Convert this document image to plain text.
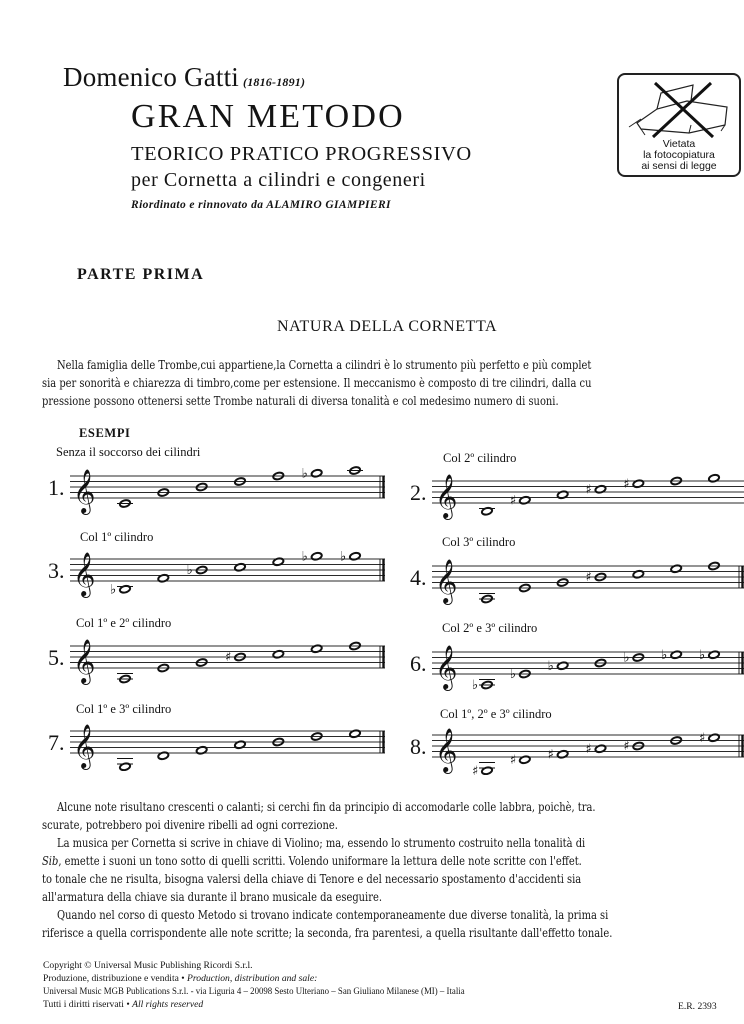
Domenico Gatti (1816-1891)
GRAN METODO
TEORICO PRATICO PROGRESSIVO
per Cornetta a cilindri e congeneri
Riordinato e rinnovato da ALAMIRO GIAMPIERI
Vietata
la fotocopiatura
ai sensi di legge
PARTE PRIMA
NATURA DELLA CORNETTA
Nella famiglia delle Trombe,cui appartiene,la Cornetta a cilindri è lo strumento più perfetto e più complet
sia per sonorità e chiarezza di timbro,come per estensione. Il meccanismo è composto di tre cilindri, dalla cu
pressione possono ottenersi sette Trombe naturali di diversa tonalità e col medesimo numero di suoni.
ESEMPI
1.
Senza il soccorso dei cilindri
𝄞	♭
2.
Col 2º cilindro
𝄞	♯
♯ ♯
3.
Col 1º cilindro
𝄞 ♭
♭
♭ ♭
4.
Col 3º cilindro
𝄞	♯
5.
Col 1º e 2º cilindro
𝄞	♯	6.
Col 2º e 3º cilindro
𝄞 ♭
♭
♭
♭ ♭ ♭
7.
Col 1º e 3º cilindro
𝄞	8.
Col 1º, 2º e 3º cilindro
𝄞 ♯
♯ ♯ ♯ ♯
♯
Alcune note risultano crescenti o calanti; si cerchi fin da principio di accomodarle colle labbra, poichè, tra.
scurate, potrebbero poi divenire ribelli ad ogni correzione.
La musica per Cornetta si scrive in chiave di Violino; ma, essendo lo strumento costruito nella tonalità di
Sib, emette i suoni un tono sotto di quelli scritti. Volendo uniformare la lettura delle note scritte con l'effet.
to tonale che ne risulta, bisogna valersi della chiave di Tenore e del necessario spostamento d'accidenti sia
all'armatura della chiave sia durante il brano musicale da eseguire.
Quando nel corso di questo Metodo si trovano indicate contemporaneamente due diverse tonalità, la prima si
riferisce a quella corrispondente alle note scritte; la seconda, fra parentesi, a quella risultante dall'effetto tonale.
Copyright © Universal Music Publishing Ricordi S.r.l.
Produzione, distribuzione e vendita • Production, distribution and sale:
Universal Music MGB Publications S.r.l. - via Liguria 4 – 20098 Sesto Ulteriano – San Giuliano Milanese (MI) – Italia
Tutti i diritti riservati • All rights reserved	E.R. 2393
